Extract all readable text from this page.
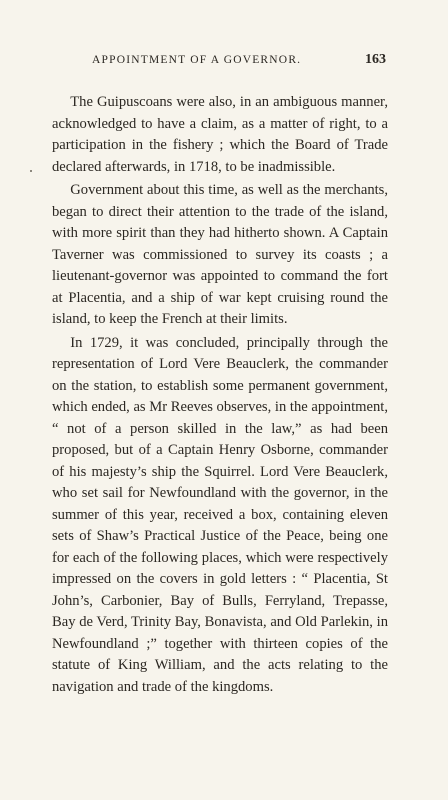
APPOINTMENT OF A GOVERNOR.	163

The Guipuscoans were also, in an ambiguous manner, acknowledged to have a claim, as a matter of right, to a participation in the fishery ; which the Board of Trade declared afterwards, in 1718, to be inadmissible.

Government about this time, as well as the merchants, began to direct their attention to the trade of the island, with more spirit than they had hitherto shown. A Captain Taverner was commissioned to survey its coasts ; a lieutenant-governor was appointed to command the fort at Placentia, and a ship of war kept cruising round the island, to keep the French at their limits.

In 1729, it was concluded, principally through the representation of Lord Vere Beauclerk, the commander on the station, to establish some permanent government, which ended, as Mr Reeves observes, in the appointment, “ not of a person skilled in the law,” as had been proposed, but of a Captain Henry Osborne, commander of his majesty’s ship the Squirrel. Lord Vere Beauclerk, who set sail for Newfoundland with the governor, in the summer of this year, received a box, containing eleven sets of Shaw’s Practical Justice of the Peace, being one for each of the following places, which were respectively impressed on the covers in gold letters : “ Placentia, St John’s, Carbonier, Bay of Bulls, Ferryland, Trepasse, Bay de Verd, Trinity Bay, Bonavista, and Old Parlekin, in Newfoundland ;” together with thirteen copies of the statute of King William, and the acts relating to the navigation and trade of the kingdoms.
